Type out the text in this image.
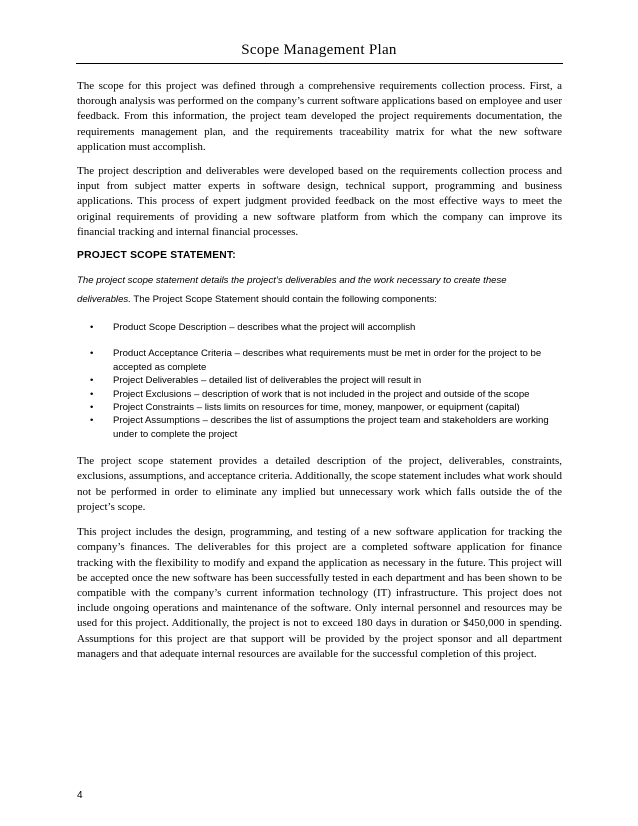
Scope Management Plan

The scope for this project was defined through a comprehensive requirements collection process. First, a thorough analysis was performed on the company’s current software applications based on employee and user feedback. From this information, the project team developed the project requirements documentation, the requirements management plan, and the requirements traceability matrix for what the new software application must accomplish.

The project description and deliverables were developed based on the requirements collection process and input from subject matter experts in software design, technical support, programming and business applications. This process of expert judgment provided feedback on the most effective ways to meet the original requirements of providing a new software platform from which the company can improve its financial tracking and internal financial processes.

PROJECT SCOPE STATEMENT:

The project scope statement details the project’s deliverables and the work necessary to create these deliverables. The Project Scope Statement should contain the following components:

• Product Scope Description – describes what the project will accomplish
• Product Acceptance Criteria – describes what requirements must be met in order for the project to be accepted as complete
• Project Deliverables – detailed list of deliverables the project will result in
• Project Exclusions – description of work that is not included in the project and outside of the scope
• Project Constraints – lists limits on resources for time, money, manpower, or equipment (capital)
• Project Assumptions – describes the list of assumptions the project team and stakeholders are working under to complete the project

The project scope statement provides a detailed description of the project, deliverables, constraints, exclusions, assumptions, and acceptance criteria. Additionally, the scope statement includes what work should not be performed in order to eliminate any implied but unnecessary work which falls outside the of the project’s scope.

This project includes the design, programming, and testing of a new software application for tracking the company’s finances. The deliverables for this project are a completed software application for finance tracking with the flexibility to modify and expand the application as necessary in the future. This project will be accepted once the new software has been successfully tested in each department and has been shown to be compatible with the company’s current information technology (IT) infrastructure. This project does not include ongoing operations and maintenance of the software. Only internal personnel and resources may be used for this project. Additionally, the project is not to exceed 180 days in duration or $450,000 in spending. Assumptions for this project are that support will be provided by the project sponsor and all department managers and that adequate internal resources are available for the successful completion of this project.

4
